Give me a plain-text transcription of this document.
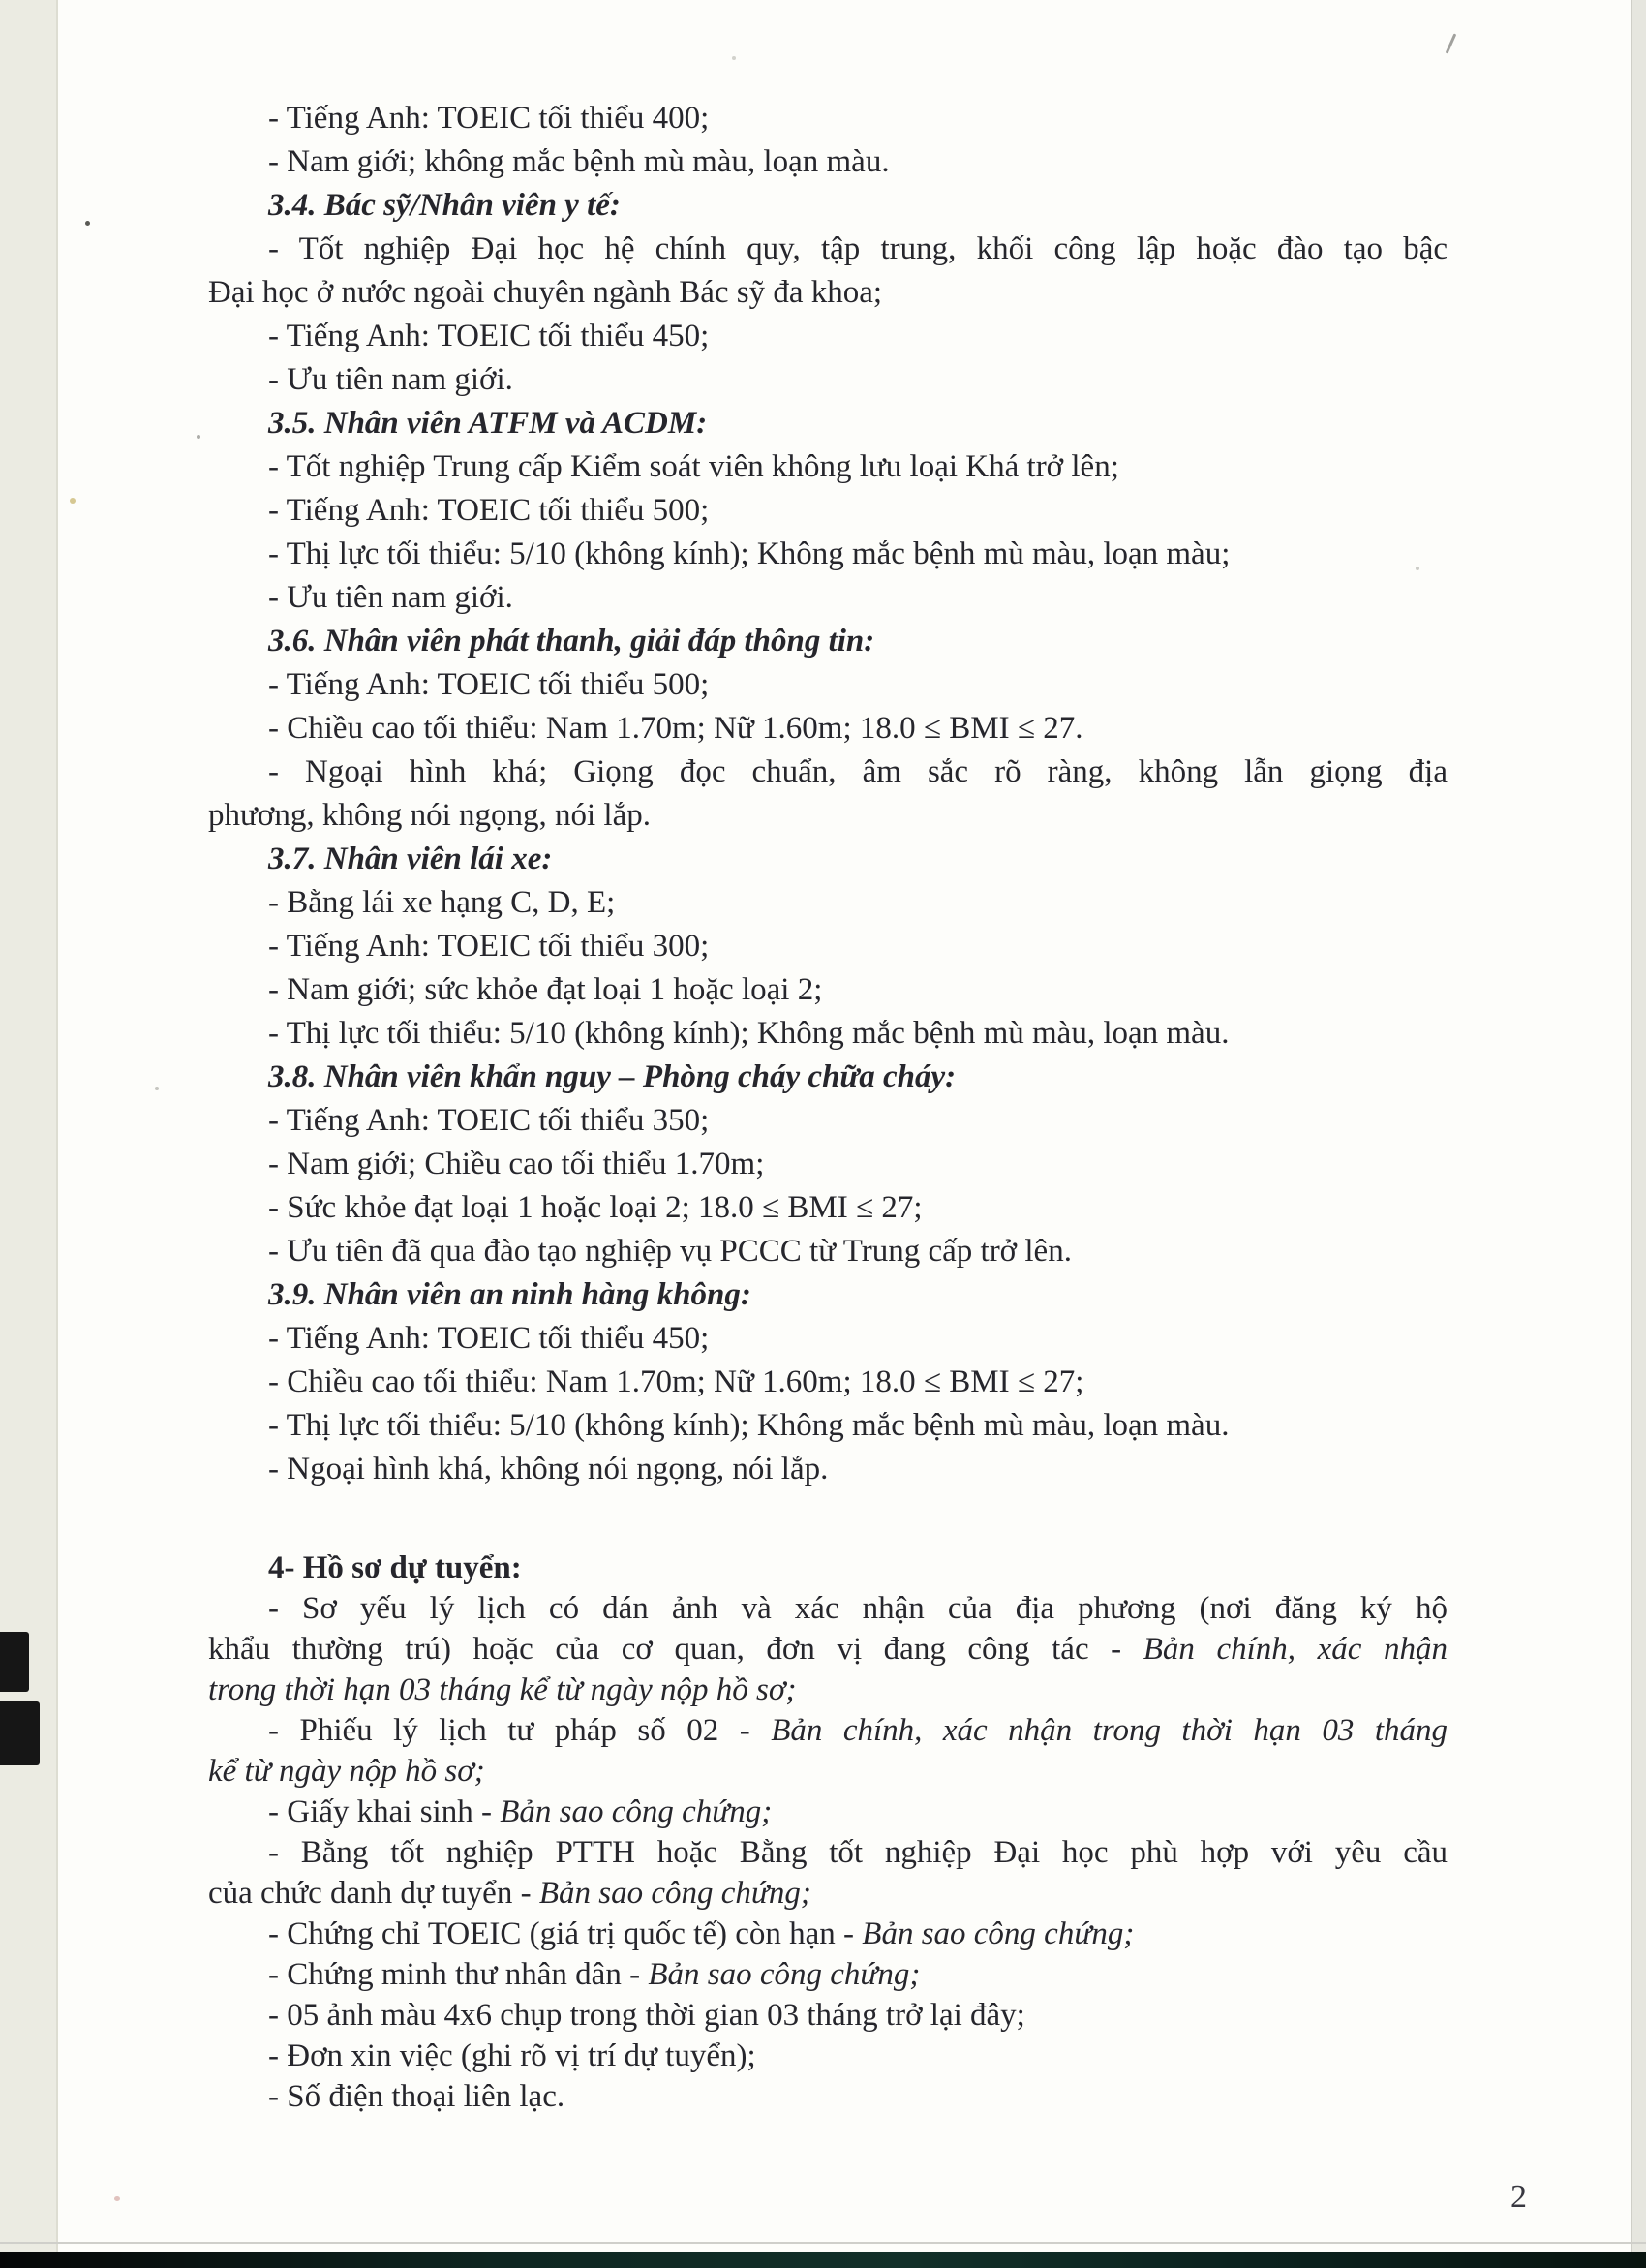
- Tiếng Anh: TOEIC tối thiểu 400;

- Nam giới; không mắc bệnh mù màu, loạn màu.

3.4. Bác sỹ/Nhân viên y tế:

- Tốt nghiệp Đại học hệ chính quy, tập trung, khối công lập hoặc đào tạo bậc

Đại học ở nước ngoài chuyên ngành Bác sỹ đa khoa;

- Tiếng Anh: TOEIC tối thiểu 450;

- Ưu tiên nam giới.

3.5. Nhân viên ATFM và ACDM:

- Tốt nghiệp Trung cấp Kiểm soát viên không lưu loại Khá trở lên;

- Tiếng Anh: TOEIC tối thiểu 500;

- Thị lực tối thiểu: 5/10 (không kính); Không mắc bệnh mù màu, loạn màu;

- Ưu tiên nam giới.

3.6. Nhân viên phát thanh, giải đáp thông tin:

- Tiếng Anh: TOEIC tối thiểu 500;

- Chiều cao tối thiểu: Nam 1.70m; Nữ 1.60m; 18.0 ≤ BMI ≤ 27.

- Ngoại hình khá; Giọng đọc chuẩn, âm sắc rõ ràng, không lẫn giọng địa

phương, không nói ngọng, nói lắp.

3.7. Nhân viên lái xe:

- Bằng lái xe hạng C, D, E;

- Tiếng Anh: TOEIC tối thiểu 300;

- Nam giới; sức khỏe đạt loại 1 hoặc loại 2;

- Thị lực tối thiểu: 5/10 (không kính); Không mắc bệnh mù màu, loạn màu.

3.8. Nhân viên khẩn nguy – Phòng cháy chữa cháy:

- Tiếng Anh: TOEIC tối thiểu 350;

- Nam giới; Chiều cao tối thiểu 1.70m;

- Sức khỏe đạt loại 1 hoặc loại 2; 18.0 ≤ BMI ≤ 27;

- Ưu tiên đã qua đào tạo nghiệp vụ PCCC từ Trung cấp trở lên.

3.9. Nhân viên an ninh hàng không:

- Tiếng Anh: TOEIC tối thiểu 450;

- Chiều cao tối thiểu: Nam 1.70m; Nữ 1.60m; 18.0 ≤ BMI ≤ 27;

- Thị lực tối thiểu: 5/10 (không kính); Không mắc bệnh mù màu, loạn màu.

- Ngoại hình khá, không nói ngọng, nói lắp.

4- Hồ sơ dự tuyển:

- Sơ yếu lý lịch có dán ảnh và xác nhận của địa phương (nơi đăng ký hộ

khẩu thường trú) hoặc của cơ quan, đơn vị đang công tác - Bản chính, xác nhận

trong thời hạn 03 tháng kể từ ngày nộp hồ sơ;

- Phiếu lý lịch tư pháp số 02 - Bản chính, xác nhận trong thời hạn 03 tháng

kể từ ngày nộp hồ sơ;

- Giấy khai sinh - Bản sao công chứng;

- Bằng tốt nghiệp PTTH hoặc Bằng tốt nghiệp Đại học phù hợp với yêu cầu

của chức danh dự tuyển - Bản sao công chứng;

- Chứng chỉ TOEIC (giá trị quốc tế) còn hạn - Bản sao công chứng;

- Chứng minh thư nhân dân - Bản sao công chứng;

- 05 ảnh màu 4x6 chụp trong thời gian 03 tháng trở lại đây;

- Đơn xin việc (ghi rõ vị trí dự tuyển);

- Số điện thoại liên lạc.

2
